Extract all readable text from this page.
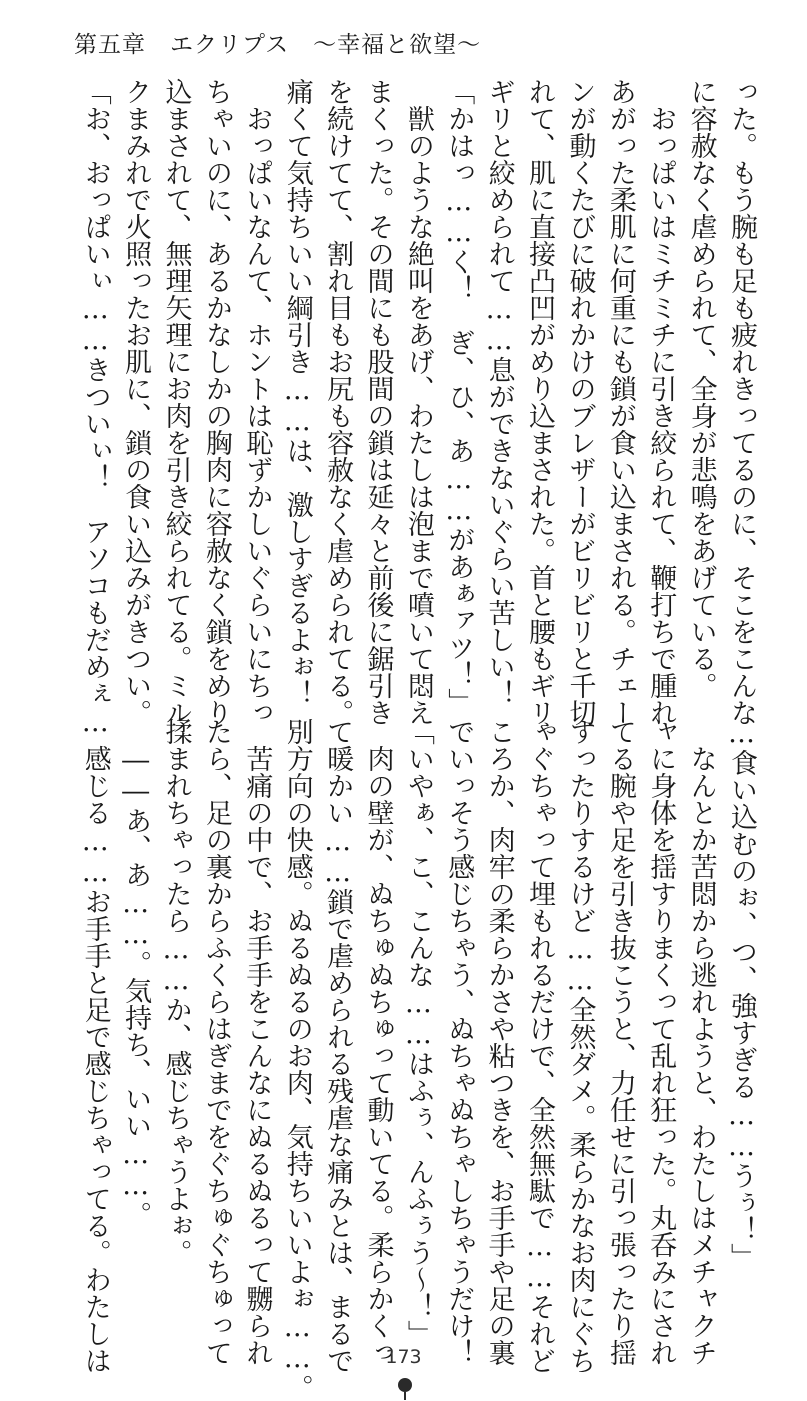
第五章　エクリプス　～幸福と欲望～
った。もう腕も足も疲れきってるのに、そこをこんな
に容赦なく虐められて、全身が悲鳴をあげている。
　おっぱいはミチミチに引き絞られて、鞭打ちで腫れ
あがった柔肌に何重にも鎖が食い込まされる。チェー
ンが動くたびに破れかけのブレザーがビリビリと千切
れて、肌に直接凸凹がめり込まされた。首と腰もギリ
ギリと絞められて……息ができないぐらい苦しい！
「かはっ……く！　ぎ、ひ、あ……があぁァツ！」
　獣のような絶叫をあげ、わたしは泡まで噴いて悶え
まくった。その間にも股間の鎖は延々と前後に鋸引き
を続けてて、割れ目もお尻も容赦なく虐められてる。
痛くて気持ちいい綱引き……は、激しすぎるよぉ！
　おっぱいなんて、ホントは恥ずかしいぐらいにちっ
ちゃいのに、あるかなしかの胸肉に容赦なく鎖をめり
込まされて、無理矢理にお肉を引き絞られてる。ミル
クまみれで火照ったお肌に、鎖の食い込みがきつい。
「お、おっぱいぃ……きついぃ！　アソコもだめぇ…
…食い込むのぉ、つ、強すぎる……うぅ！」
　なんとか苦悶から逃れようと、わたしはメチャクチ
ャに身体を揺すりまくって乱れ狂った。丸呑みにされ
てる腕や足を引き抜こうと、力任せに引っ張ったり揺
すったりするけど……全然ダメ。柔らかなお肉にぐち
ゃぐちゃって埋もれるだけで、全然無駄で……それど
ころか、肉牢の柔らかさや粘つきを、お手手や足の裏
でいっそう感じちゃう、ぬちゃぬちゃしちゃうだけ！
「いやぁ、こ、こんな……はふぅ、んふぅう～！」
　肉の壁が、ぬちゅぬちゅって動いてる。柔らかくっ
て暖かい……鎖で虐められる残虐な痛みとは、まるで
別方向の快感。ぬるぬるのお肉、気持ちいいよぉ……。
　苦痛の中で、お手手をこんなにぬるぬるって嬲られ
たら、足の裏からふくらはぎまでをぐちゅぐちゅって
揉まれちゃったら……か、感じちゃうよぉ。
　――あ、あ……。気持ち、いい……。
　感じる……お手手と足で感じちゃってる。わたしは	173
